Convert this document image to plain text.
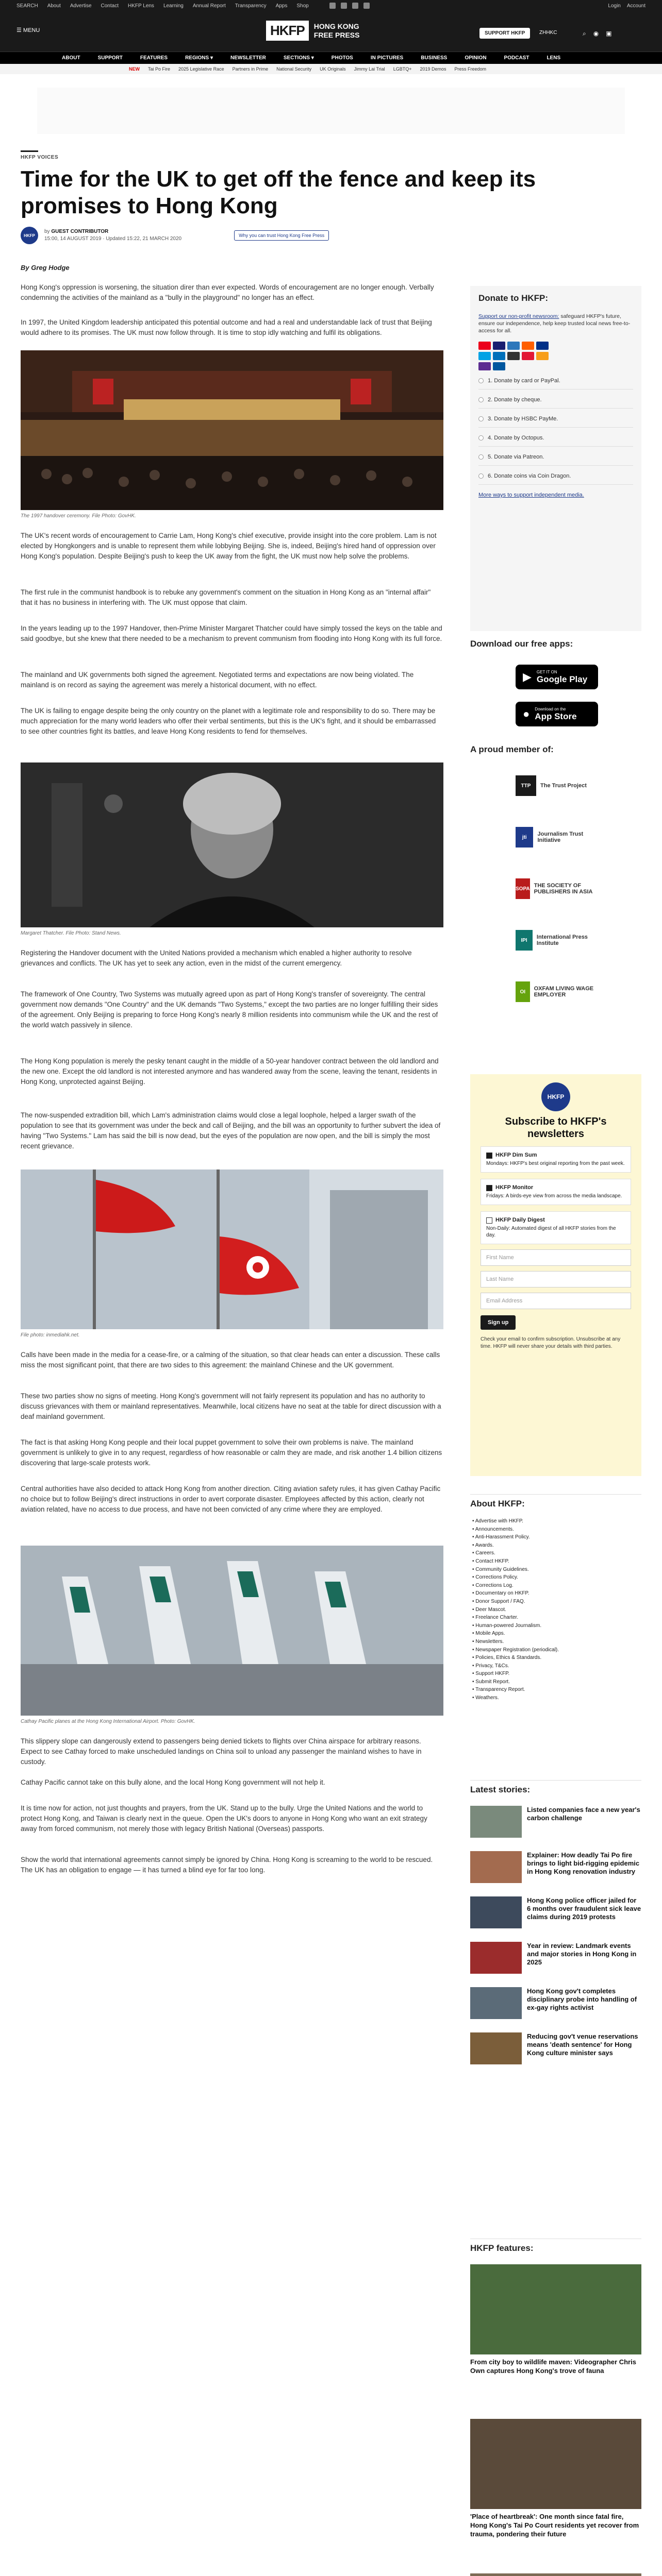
SEARCH About Advertise Contact HKFP Lens Learning Annual Report Transparency Apps Shop	Login Account
☰ MENU	HKFP	HONG KONG
FREE PRESS	SUPPORT HKFP	ZHHKC	⌕ ◉ ▣
ABOUT	SUPPORT	FEATURES	REGIONS ▾	NEWSLETTER	SECTIONS ▾	PHOTOS	IN PICTURES	BUSINESS	OPINION	PODCAST	LENS
NEW Tai Po Fire 2025 Legislative Race Partners in Prime National Security UK Originals Jimmy Lai Trial LGBTQ+ 2019 Demos Press Freedom
HKFP VOICES
Time for the UK to get off the fence and keep its promises to Hong Kong
HKFP
by GUEST CONTRIBUTOR
15:00, 14 AUGUST 2019 · Updated 15:22, 21 MARCH 2020
Why you can trust Hong Kong Free Press
By Greg Hodge

Hong Kong's oppression is worsening, the situation direr than ever expected. Words of encouragement are no longer enough. Verbally condemning the activities of the mainland as a "bully in the playground" no longer has an effect.

In 1997, the United Kingdom leadership anticipated this potential outcome and had a real and understandable lack of trust that Beijing would adhere to its promises. The UK must now follow through. It is time to stop idly watching and fulfil its obligations.

The 1997 handover ceremony. File Photo: GovHK.

The UK's recent words of encouragement to Carrie Lam, Hong Kong's chief executive, provide insight into the core problem. Lam is not elected by Hongkongers and is unable to represent them while lobbying Beijing. She is, indeed, Beijing's hired hand of oppression over Hong Kong's population. Despite Beijing's push to keep the UK away from the fight, the UK must now help solve the problems.

The first rule in the communist handbook is to rebuke any government's comment on the situation in Hong Kong as an "internal affair" that it has no business in interfering with. The UK must oppose that claim.

In the years leading up to the 1997 Handover, then-Prime Minister Margaret Thatcher could have simply tossed the keys on the table and said goodbye, but she knew that there needed to be a mechanism to prevent communism from flooding into Hong Kong with its full force.

The mainland and UK governments both signed the agreement. Negotiated terms and expectations are now being violated. The mainland is on record as saying the agreement was merely a historical document, with no effect.

The UK is failing to engage despite being the only country on the planet with a legitimate role and responsibility to do so. There may be much appreciation for the many world leaders who offer their verbal sentiments, but this is the UK's fight, and it should be embarrassed to see other countries fight its battles, and leave Hong Kong residents to fend for themselves.

Margaret Thatcher. File Photo: Stand News.

Registering the Handover document with the United Nations provided a mechanism which enabled a higher authority to resolve grievances and conflicts. The UK has yet to seek any action, even in the midst of the current emergency.

The framework of One Country, Two Systems was mutually agreed upon as part of Hong Kong's transfer of sovereignty. The central government now demands "One Country" and the UK demands "Two Systems," except the two parties are no longer fulfilling their sides of the agreement. Only Beijing is preparing to force Hong Kong's nearly 8 million residents into communism while the UK and the rest of the world watch passively in silence.

The Hong Kong population is merely the pesky tenant caught in the middle of a 50-year handover contract between the old landlord and the new one. Except the old landlord is not interested anymore and has wandered away from the scene, leaving the tenant, residents in Hong Kong, unprotected against Beijing.

The now-suspended extradition bill, which Lam's administration claims would close a legal loophole, helped a larger swath of the population to see that its government was under the beck and call of Beijing, and the bill was an opportunity to further subvert the idea of having "Two Systems." Lam has said the bill is now dead, but the eyes of the population are now open, and the bill is simply the most recent grievance.

File photo: inmediahk.net.

Calls have been made in the media for a cease-fire, or a calming of the situation, so that clear heads can enter a discussion. These calls miss the most significant point, that there are two sides to this agreement: the mainland Chinese and the UK government.

These two parties show no signs of meeting. Hong Kong's government will not fairly represent its population and has no authority to discuss grievances with them or mainland representatives. Meanwhile, local citizens have no seat at the table for direct discussion with a deaf mainland government.

The fact is that asking Hong Kong people and their local puppet government to solve their own problems is naive. The mainland government is unlikely to give in to any request, regardless of how reasonable or calm they are made, and risk another 1.4 billion citizens discovering that large-scale protests work.

Central authorities have also decided to attack Hong Kong from another direction. Citing aviation safety rules, it has given Cathay Pacific no choice but to follow Beijing's direct instructions in order to avert corporate disaster. Employees affected by this action, clearly not aviation related, have no access to due process, and have not been convicted of any crime where they are employed.

Cathay Pacific planes at the Hong Kong International Airport. Photo: GovHK.

This slippery slope can dangerously extend to passengers being denied tickets to flights over China airspace for arbitrary reasons. Expect to see Cathay forced to make unscheduled landings on China soil to unload any passenger the mainland wishes to have in custody.

Cathay Pacific cannot take on this bully alone, and the local Hong Kong government will not help it.

It is time now for action, not just thoughts and prayers, from the UK. Stand up to the bully. Urge the United Nations and the world to protect Hong Kong, and Taiwan is clearly next in the queue. Open the UK's doors to anyone in Hong Kong who want an exit strategy away from forced communism, not merely those with legacy British National (Overseas) passports.

Show the world that international agreements cannot simply be ignored by China. Hong Kong is screaming to the world to be rescued. The UK has an obligation to engage — it has turned a blind eye for far too long.

Donate to HKFP:
Support our non-profit newsroom: safeguard HKFP's future, ensure our independence, help keep trusted local news free-to-access for all.
1. Donate by card or PayPal.
2. Donate by cheque.
3. Donate by HSBC PayMe.
4. Donate by Octopus.
5. Donate via Patreon.
6. Donate coins via Coin Dragon.
More ways to support independent media.
Download our free apps:
▶ GET IT ON
Google Play
● Download on the
App Store
A proud member of:
TTP	The Trust Project
jti	Journalism Trust Initiative
SOPA THE SOCIETY OF PUBLISHERS IN ASIA
IPI	International Press Institute
OI	OXFAM LIVING WAGE EMPLOYER
HKFP
Subscribe to HKFP's newsletters
HKFP Dim Sum
Mondays: HKFP's best original reporting from the past week.
HKFP Monitor
Fridays: A birds-eye view from across the media landscape.
HKFP Daily Digest
Non-Daily: Automated digest of all HKFP stories from the day.
First Name
Last Name
Email Address
Sign up
Check your email to confirm subscription. Unsubscribe at any time. HKFP will never share your details with third parties.
About HKFP:
• Advertise with HKFP.
• Announcements.
• Anti-Harassment Policy.
• Awards.
• Careers.
• Contact HKFP.
• Community Guidelines.
• Corrections Policy.
• Corrections Log.
• Documentary on HKFP.
• Donor Support / FAQ.
• Deer Mascot.
• Freelance Charter.
• Human-powered Journalism.
• Mobile Apps.
• Newsletters.
• Newspaper Registration (periodical).
• Policies, Ethics & Standards.
• Privacy, T&Cs.
• Support HKFP.
• Submit Report.
• Transparency Report.
• Weathers.
Latest stories:
Listed companies face a new year's carbon challenge
Explainer: How deadly Tai Po fire brings to light bid-rigging epidemic in Hong Kong renovation industry
Hong Kong police officer jailed for 6 months over fraudulent sick leave claims during 2019 protests
Year in review: Landmark events and major stories in Hong Kong in 2025
Hong Kong gov't completes disciplinary probe into handling of ex-gay rights activist
Reducing gov't venue reservations means 'death sentence' for Hong Kong culture minister says
HKFP features:
From city boy to wildlife maven: Videographer Chris Own captures Hong Kong's trove of fauna
'Place of heartbreak': One month since fatal fire, Hong Kong's Tai Po Court residents yet recover from trauma, pondering their future
